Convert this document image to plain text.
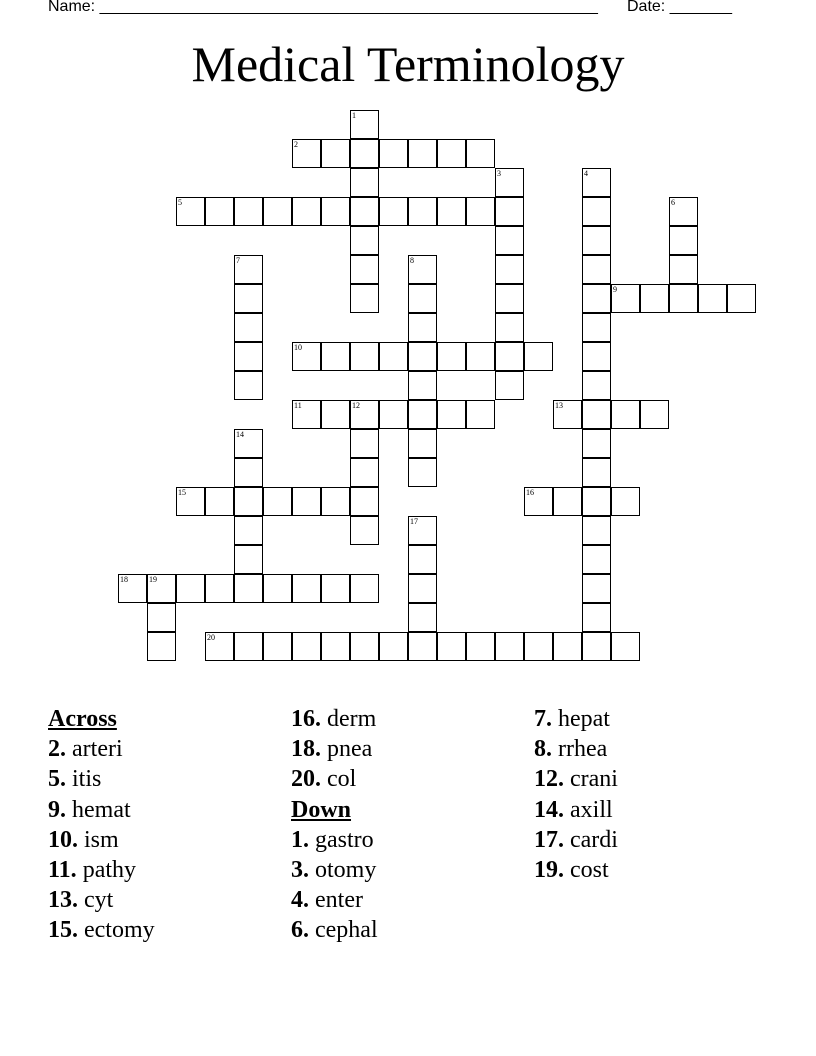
Name: ________________________________________________________ Date: _______
Medical Terminology
2
5
9
10
11	12	13
15	16
18	19
20
1
3	4
6
7	8
14
17
Across
2. arteri
5. itis
9. hemat
10. ism
11. pathy
13. cyt
15. ectomy
16. derm
18. pnea
20. col
Down
1. gastro
3. otomy
4. enter
6. cephal
7. hepat
8. rrhea
12. crani
14. axill
17. cardi
19. cost
